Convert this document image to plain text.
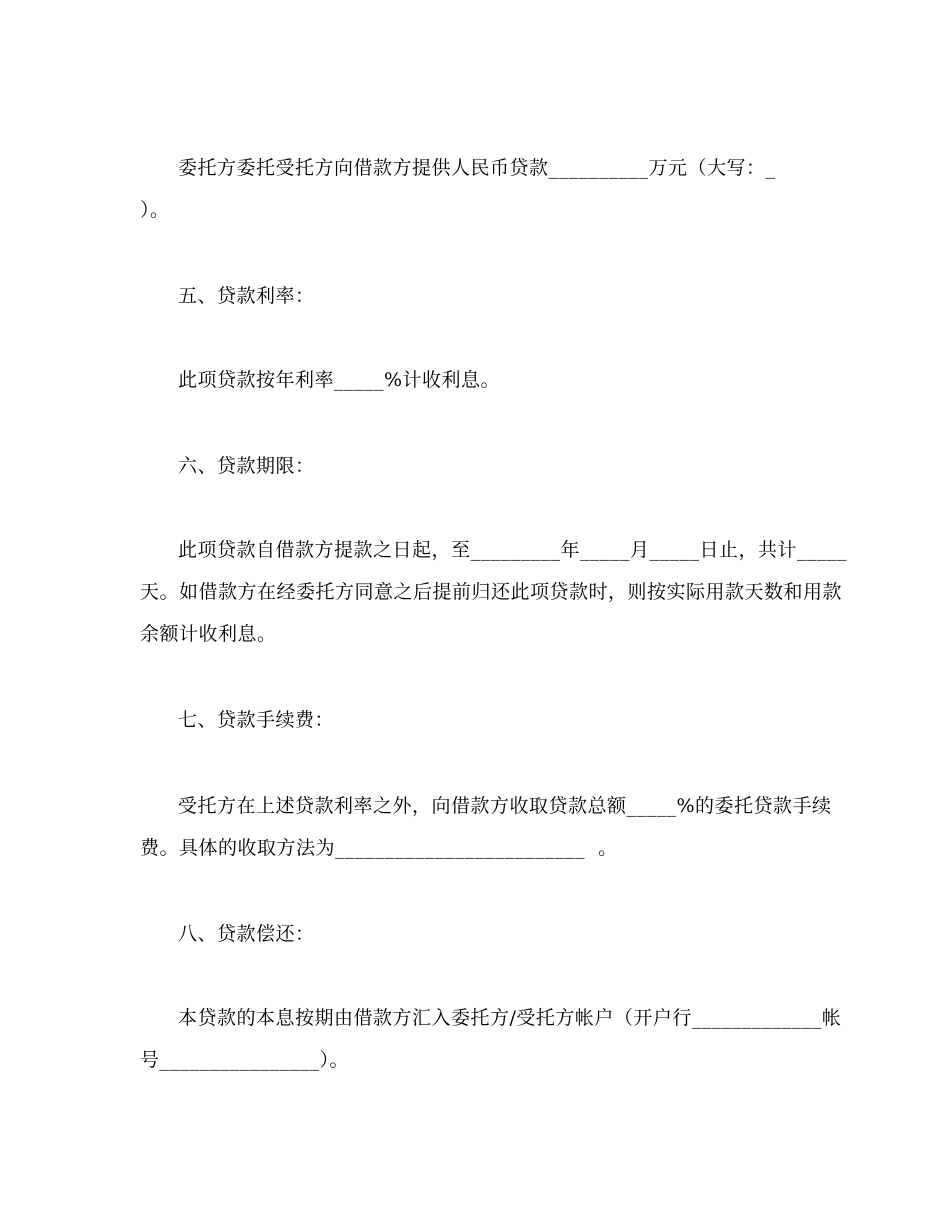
委托方委托受托方向借款方提供人民币贷款__________万元（大写：_
）。
五、贷款利率：
此项贷款按年利率_____%计收利息。
六、贷款期限：
此项贷款自借款方提款之日起，至_________年_____月_____日止，共计_____
天。如借款方在经委托方同意之后提前归还此项贷款时，则按实际用款天数和用款
余额计收利息。
七、贷款手续费：
受托方在上述贷款利率之外，向借款方收取贷款总额_____%的委托贷款手续
费。具体的收取方法为_________________________  。
八、贷款偿还：
本贷款的本息按期由借款方汇入委托方/受托方帐户（开户行_____________帐
号________________）。
